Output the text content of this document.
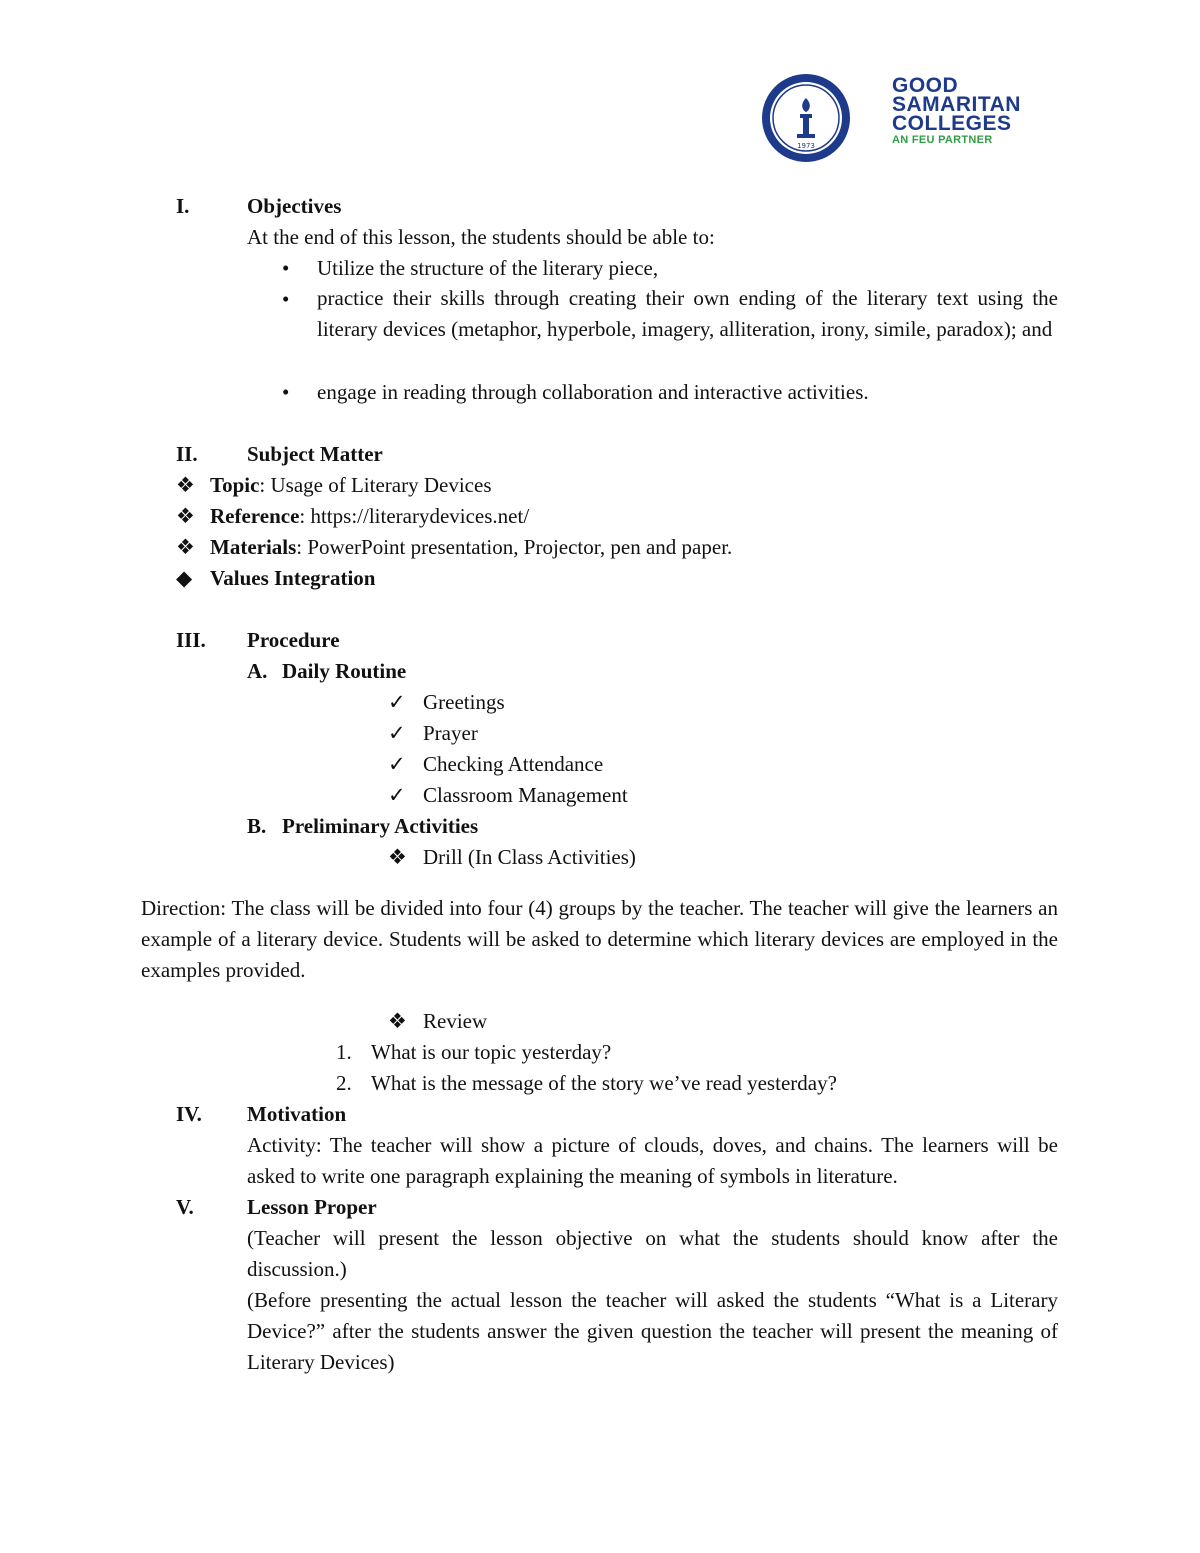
1973
GOOD
SAMARITAN
COLLEGES
AN FEU PARTNER
I.	Objectives
At the end of this lesson, the students should be able to:
• Utilize the structure of the literary piece,
• practice their skills through creating their own ending of the literary text using the literary devices (metaphor, hyperbole, imagery, alliteration, irony, simile, paradox); and
• engage in reading through collaboration and interactive activities.
II. Subject Matter
❖ Topic: Usage of Literary Devices
❖ Reference: https://literarydevices.net/
❖ Materials: PowerPoint presentation, Projector, pen and paper.
◆ Values Integration
III. Procedure
A. Daily Routine
✓ Greetings
✓ Prayer
✓ Checking Attendance
✓ Classroom Management
B. Preliminary Activities
❖ Drill (In Class Activities)
Direction: The class will be divided into four (4) groups by the teacher. The teacher will give the learners an example of a literary device. Students will be asked to determine which literary devices are employed in the examples provided.
❖ Review
1. What is our topic yesterday?
2. What is the message of the story we’ve read yesterday?
IV. Motivation
Activity: The teacher will show a picture of clouds, doves, and chains. The learners will be asked to write one paragraph explaining the meaning of symbols in literature.
V.	Lesson Proper
(Teacher will present the lesson objective on what the students should know after the discussion.)
(Before presenting the actual lesson the teacher will asked the students “What is a Literary Device?” after the students answer the given question the teacher will present the meaning of Literary Devices)
